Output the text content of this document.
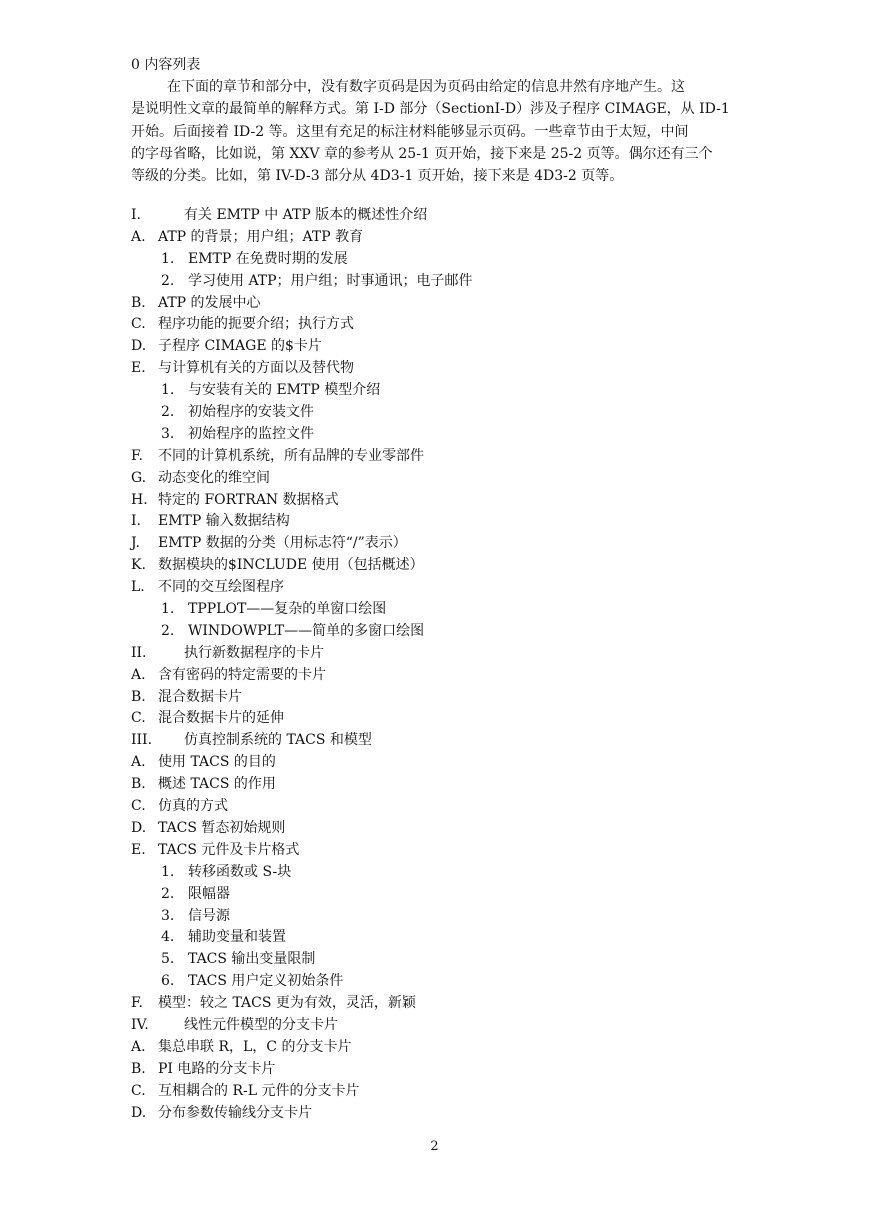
0 内容列表
在下面的章节和部分中，没有数字页码是因为页码由给定的信息井然有序地产生。这
是说明性文章的最简单的解释方式。第 I-D 部分（SectionI-D）涉及子程序 CIMAGE，从 ID-1
开始。后面接着 ID-2 等。这里有充足的标注材料能够显示页码。一些章节由于太短，中间
的字母省略，比如说，第 XXV 章的参考从 25-1 页开始，接下来是 25-2 页等。偶尔还有三个
等级的分类。比如，第 IV-D-3 部分从 4D3-1 页开始，接下来是 4D3-2 页等。
I.	有关 EMTP 中 ATP 版本的概述性介绍
A. ATP 的背景；用户组；ATP 教育
1. EMTP 在免费时期的发展
2. 学习使用 ATP；用户组；时事通讯；电子邮件
B. ATP 的发展中心
C. 程序功能的扼要介绍；执行方式
D. 子程序 CIMAGE 的$卡片
E. 与计算机有关的方面以及替代物
1. 与安装有关的 EMTP 模型介绍
2. 初始程序的安装文件
3. 初始程序的监控文件
F. 不同的计算机系统，所有品牌的专业零部件
G. 动态变化的维空间
H. 特定的 FORTRAN 数据格式
I. EMTP 输入数据结构
J. EMTP 数据的分类（用标志符“/”表示）
K. 数据模块的$INCLUDE 使用（包括概述）
L. 不同的交互绘图程序
1. TPPLOT——复杂的单窗口绘图
2. WINDOWPLT——简单的多窗口绘图
II.	执行新数据程序的卡片
A. 含有密码的特定需要的卡片
B. 混合数据卡片
C. 混合数据卡片的延伸
III. 仿真控制系统的 TACS 和模型
A. 使用 TACS 的目的
B. 概述 TACS 的作用
C. 仿真的方式
D. TACS 暂态初始规则
E. TACS 元件及卡片格式
1. 转移函数或 S-块
2. 限幅器
3. 信号源
4. 辅助变量和装置
5. TACS 输出变量限制
6. TACS 用户定义初始条件
F. 模型：较之 TACS 更为有效，灵活，新颖
IV.	线性元件模型的分支卡片
A. 集总串联 R，L，C 的分支卡片
B. PI 电路的分支卡片
C. 互相耦合的 R-L 元件的分支卡片
D. 分布参数传输线分支卡片
2
